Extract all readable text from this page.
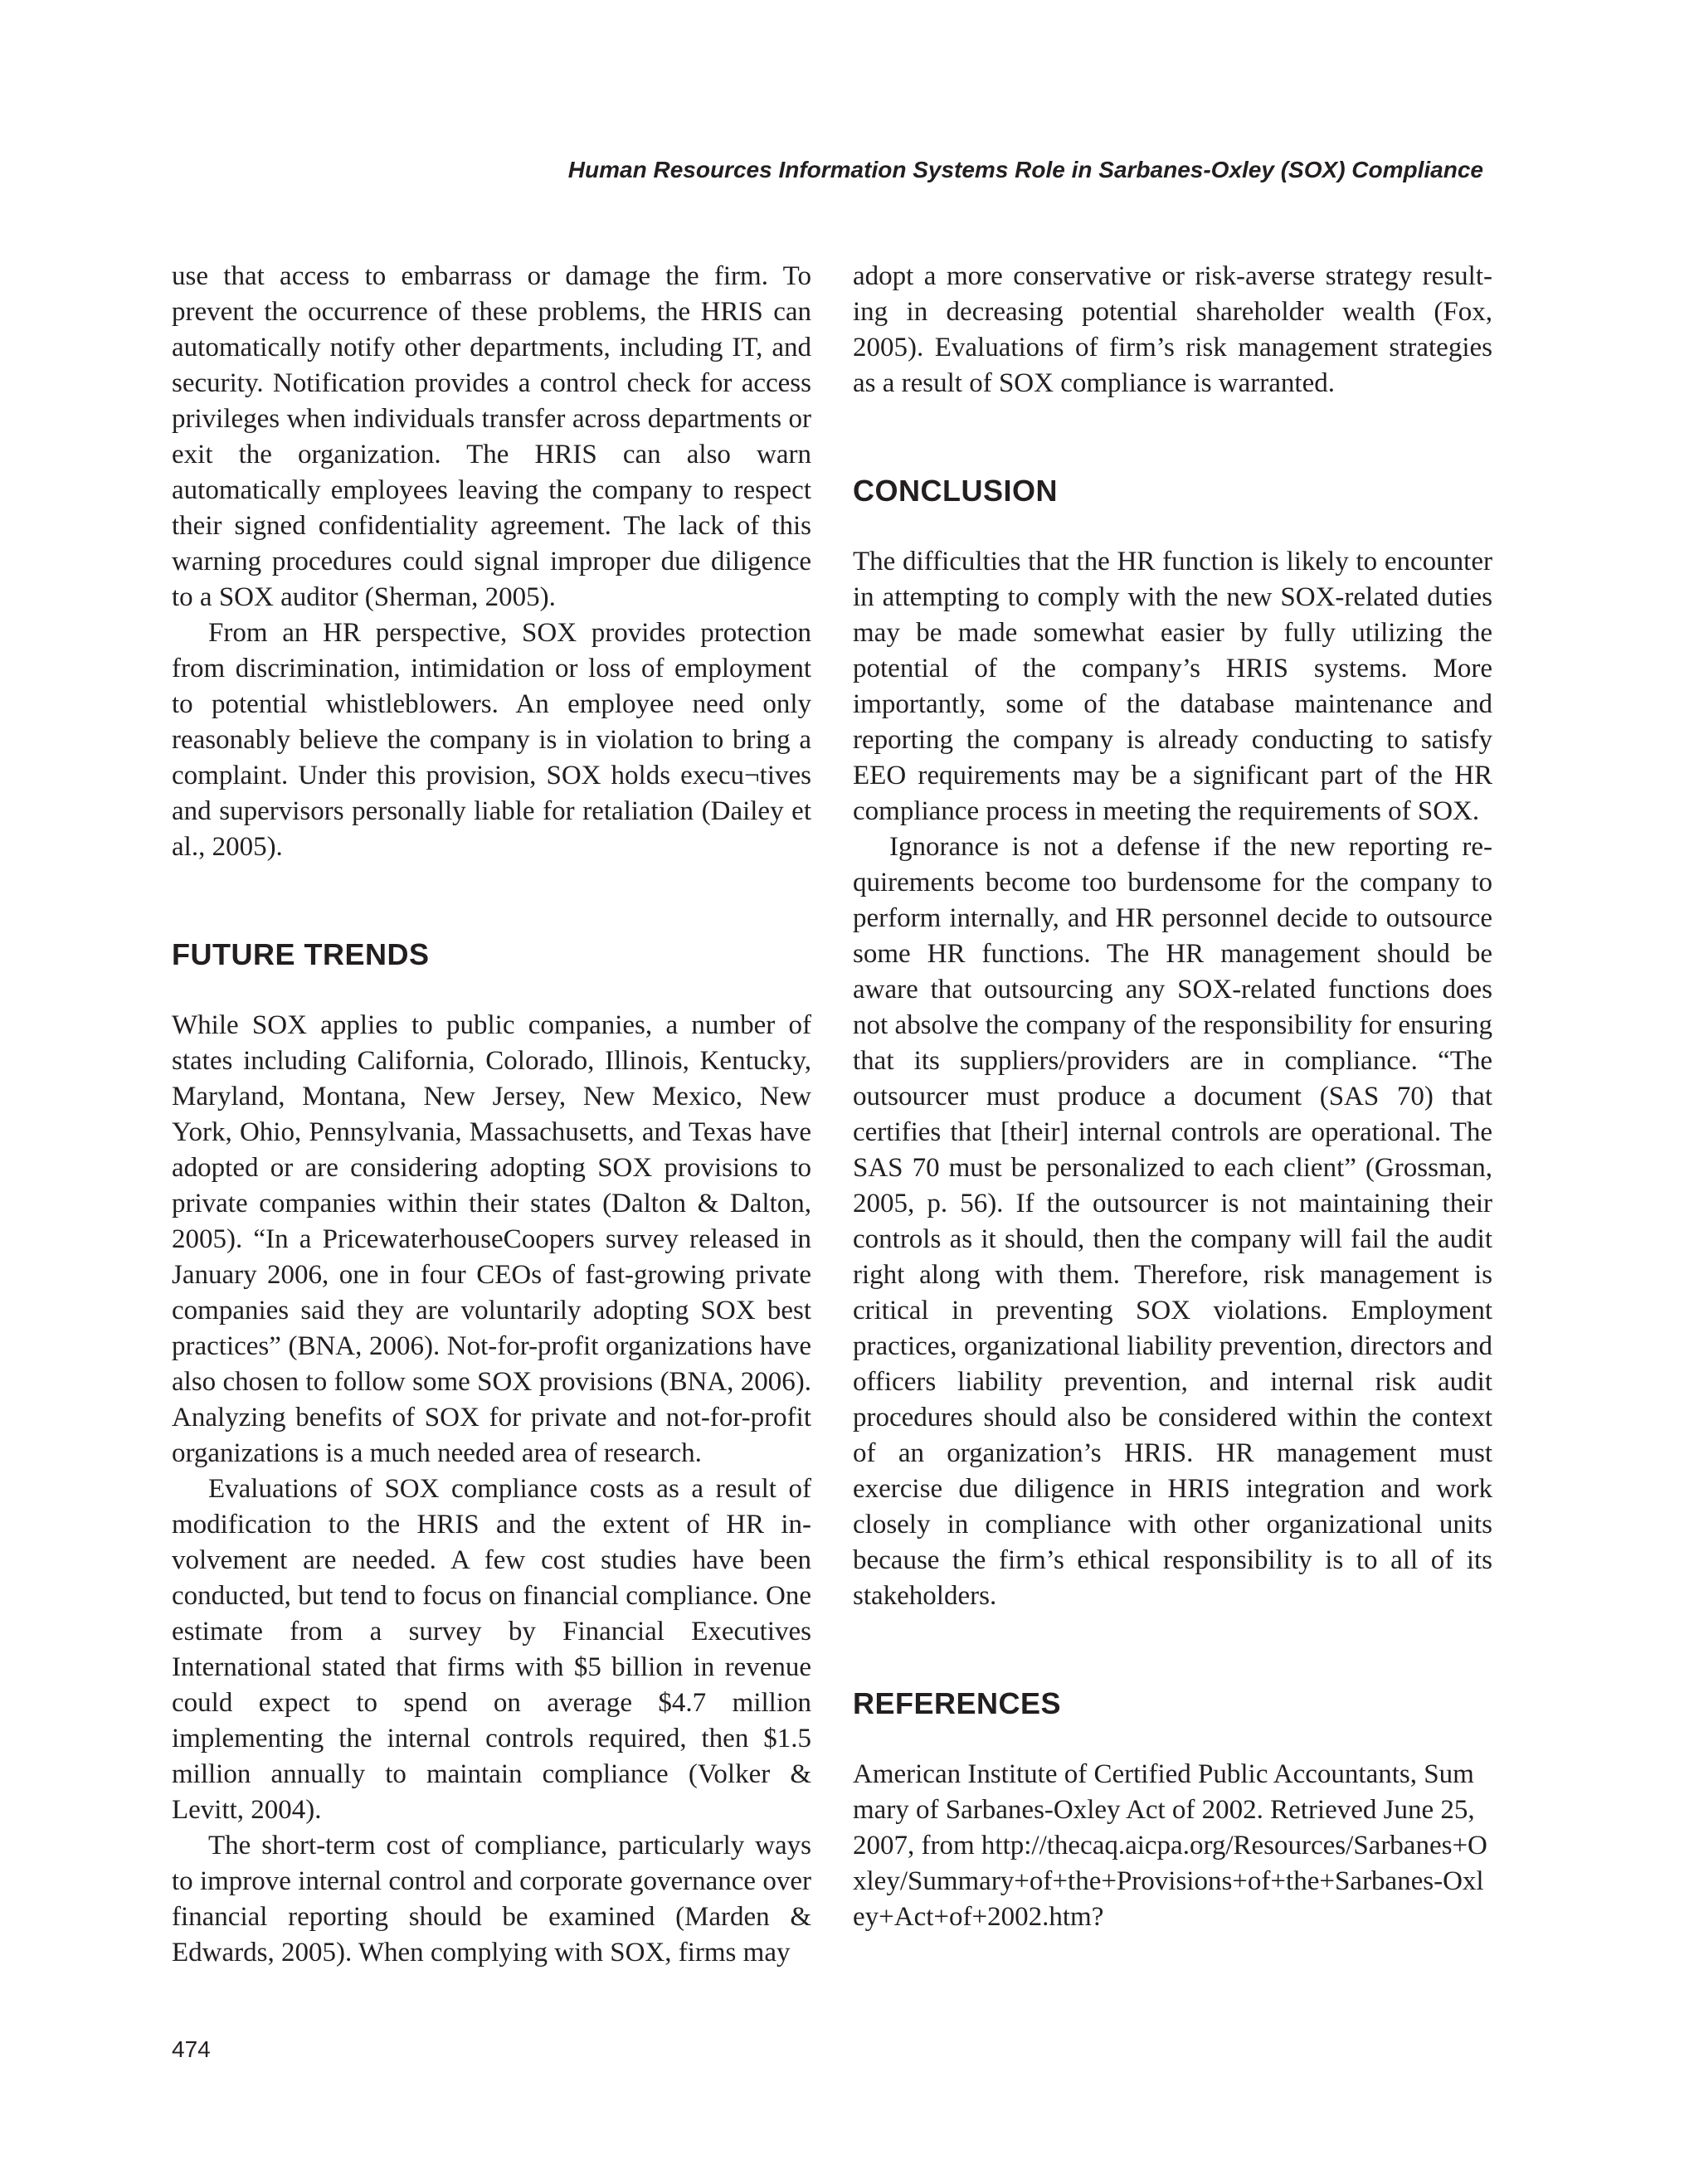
Human Resources Information Systems Role in Sarbanes-Oxley (SOX) Compliance

use that access to embarrass or damage the firm. To prevent the occurrence of these problems, the HRIS can automatically notify other departments, including IT, and security. Notification provides a control check for access privileges when individuals transfer across departments or exit the organization. The HRIS can also warn automatically employees leaving the company to respect their signed confidentiality agreement. The lack of this warning procedures could signal improper due diligence to a SOX auditor (Sherman, 2005).

From an HR perspective, SOX provides protection from discrimination, intimidation or loss of employment to potential whistleblowers. An employee need only reasonably believe the company is in violation to bring a complaint. Under this provision, SOX holds execu¬tives and supervisors personally liable for retaliation (Dailey et al., 2005).

FUTURE TRENDS

While SOX applies to public companies, a number of states including California, Colorado, Illinois, Kentucky, Maryland, Montana, New Jersey, New Mexico, New York, Ohio, Pennsylvania, Massachusetts, and Texas have adopted or are considering adopting SOX provisions to private companies within their states (Dalton & Dalton, 2005). “In a PricewaterhouseCoopers survey released in January 2006, one in four CEOs of fast-growing private companies said they are voluntarily adopting SOX best practices” (BNA, 2006). Not-for-profit organizations have also chosen to follow some SOX provisions (BNA, 2006). Analyzing benefits of SOX for private and not-for-profit organizations is a much needed area of research.

Evaluations of SOX compliance costs as a result of modification to the HRIS and the extent of HR involvement are needed. A few cost studies have been conducted, but tend to focus on financial compliance. One estimate from a survey by Financial Executives International stated that firms with $5 billion in revenue could expect to spend on average $4.7 million implementing the internal controls required, then $1.5 million annually to maintain compliance (Volker & Levitt, 2004).

The short-term cost of compliance, particularly ways to improve internal control and corporate governance over financial reporting should be examined (Marden & Edwards, 2005). When complying with SOX, firms may

adopt a more conservative or risk-averse strategy resulting in decreasing potential shareholder wealth (Fox, 2005). Evaluations of firm’s risk management strategies as a result of SOX compliance is warranted.

CONCLUSION

The difficulties that the HR function is likely to encounter in attempting to comply with the new SOX-related duties may be made somewhat easier by fully utilizing the potential of the company’s HRIS systems. More importantly, some of the database maintenance and reporting the company is already conducting to satisfy EEO requirements may be a significant part of the HR compliance process in meeting the requirements of SOX.

Ignorance is not a defense if the new reporting requirements become too burdensome for the company to perform internally, and HR personnel decide to outsource some HR functions. The HR management should be aware that outsourcing any SOX-related functions does not absolve the company of the responsibility for ensuring that its suppliers/providers are in compliance. “The outsourcer must produce a document (SAS 70) that certifies that [their] internal controls are operational. The SAS 70 must be personalized to each client” (Grossman, 2005, p. 56). If the outsourcer is not maintaining their controls as it should, then the company will fail the audit right along with them. Therefore, risk management is critical in preventing SOX violations. Employment practices, organizational liability prevention, directors and officers liability prevention, and internal risk audit procedures should also be considered within the context of an organization’s HRIS. HR management must exercise due diligence in HRIS integration and work closely in compliance with other organizational units because the firm’s ethical responsibility is to all of its stakeholders.

REFERENCES

American Institute of Certified Public Accountants, Summary of Sarbanes-Oxley Act of 2002. Retrieved June 25, 2007, from http://thecaq.aicpa.org/Resources/Sarbanes+Oxley/Summary+of+the+Provisions+of+the+Sarbanes-Oxley+Act+of+2002.htm?

474
